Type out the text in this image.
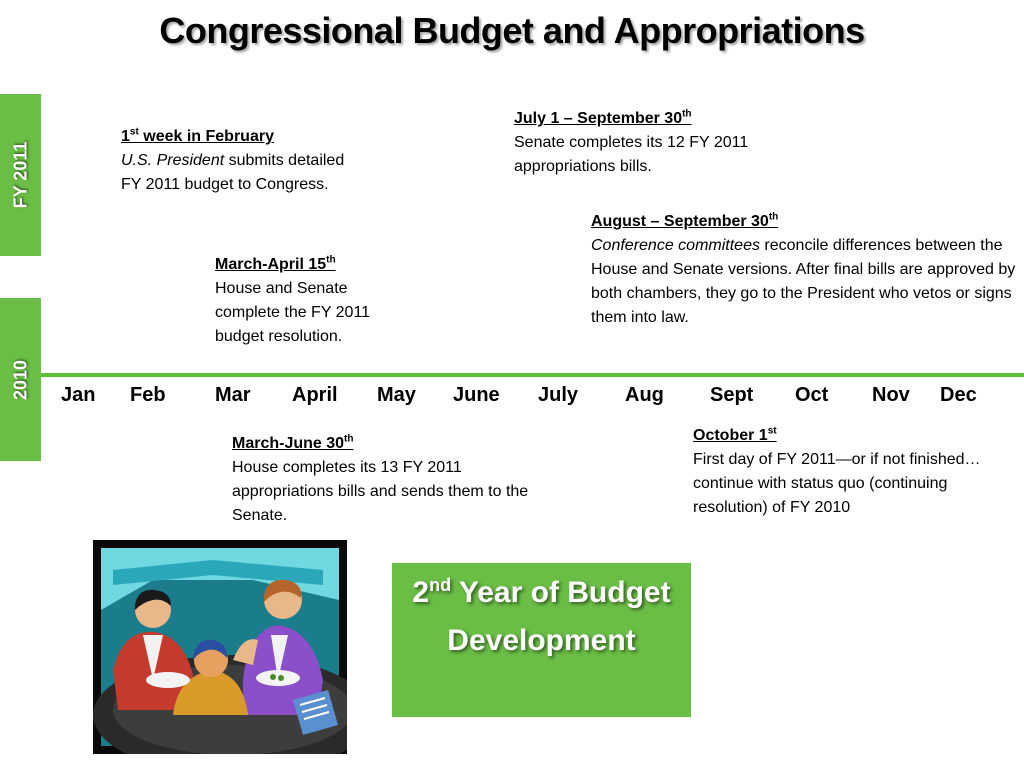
Congressional Budget and Appropriations
FY 2011
2010 Jan Feb Mar April May June July Aug Sept Oct Nov Dec
1st week in February
U.S. President submits detailed FY 2011 budget to Congress.
March-April 15th
House and Senate complete the FY 2011 budget resolution.
July 1 – September 30th
Senate completes its 12 FY 2011 appropriations bills.
August – September 30th
Conference committees reconcile differences between the House and Senate versions. After final bills are approved by both chambers, they go to the President who vetos or signs them into law.
March-June 30th
House completes its 13 FY 2011 appropriations bills and sends them to the Senate.
October 1st
First day of FY 2011—or if not finished…continue with status quo (continuing resolution) of FY 2010
2nd Year of Budget Development
